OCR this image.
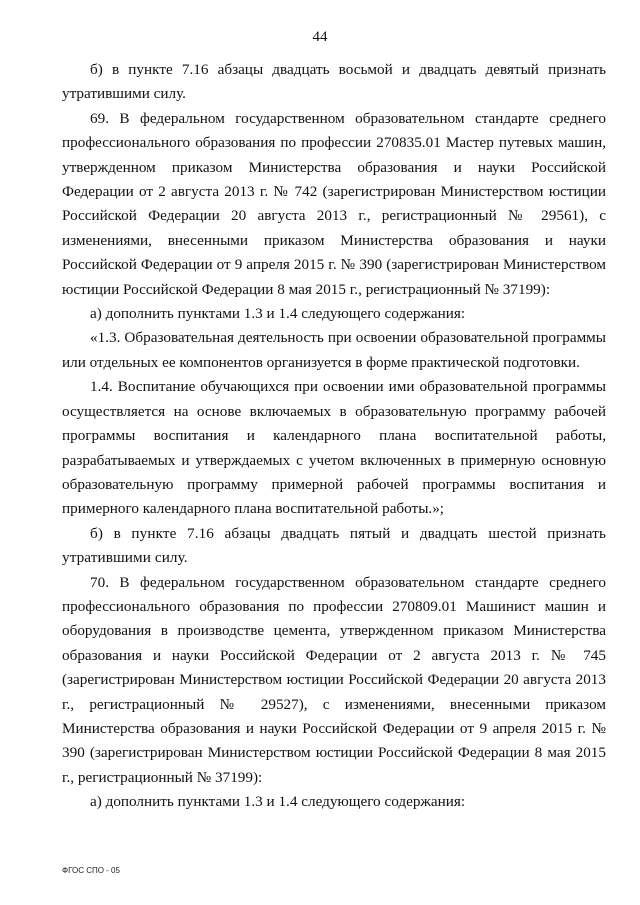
44

б) в пункте 7.16 абзацы двадцать восьмой и двадцать девятый признать утратившими силу.

69. В федеральном государственном образовательном стандарте среднего профессионального образования по профессии 270835.01 Мастер путевых машин, утвержденном приказом Министерства образования и науки Российской Федерации от 2 августа 2013 г. № 742 (зарегистрирован Министерством юстиции Российской Федерации 20 августа 2013 г., регистрационный № 29561), с изменениями, внесенными приказом Министерства образования и науки Российской Федерации от 9 апреля 2015 г. № 390 (зарегистрирован Министерством юстиции Российской Федерации 8 мая 2015 г., регистрационный № 37199):

а) дополнить пунктами 1.3 и 1.4 следующего содержания:

«1.3. Образовательная деятельность при освоении образовательной программы или отдельных ее компонентов организуется в форме практической подготовки.

1.4. Воспитание обучающихся при освоении ими образовательной программы осуществляется на основе включаемых в образовательную программу рабочей программы воспитания и календарного плана воспитательной работы, разрабатываемых и утверждаемых с учетом включенных в примерную основную образовательную программу примерной рабочей программы воспитания и примерного календарного плана воспитательной работы.»;

б) в пункте 7.16 абзацы двадцать пятый и двадцать шестой признать утратившими силу.

70. В федеральном государственном образовательном стандарте среднего профессионального образования по профессии 270809.01 Машинист машин и оборудования в производстве цемента, утвержденном приказом Министерства образования и науки Российской Федерации от 2 августа 2013 г. № 745 (зарегистрирован Министерством юстиции Российской Федерации 20 августа 2013 г., регистрационный № 29527), с изменениями, внесенными приказом Министерства образования и науки Российской Федерации от 9 апреля 2015 г. № 390 (зарегистрирован Министерством юстиции Российской Федерации 8 мая 2015 г., регистрационный № 37199):

а) дополнить пунктами 1.3 и 1.4 следующего содержания:

ФГОС СПО - 05
